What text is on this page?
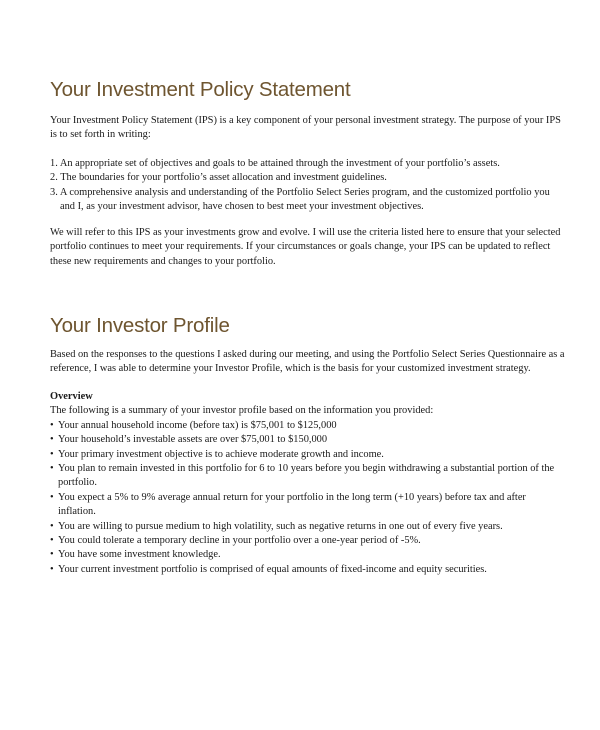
Your Investment Policy Statement

Your Investment Policy Statement (IPS) is a key component of your personal investment strategy. The purpose of your IPS is to set forth in writing:

1. An appropriate set of objectives and goals to be attained through the investment of your portfolio’s assets.
2. The boundaries for your portfolio’s asset allocation and investment guidelines.
3. A comprehensive analysis and understanding of the Portfolio Select Series program, and the customized portfolio you and I, as your investment advisor, have chosen to best meet your investment objectives.

We will refer to this IPS as your investments grow and evolve. I will use the criteria listed here to ensure that your selected portfolio continues to meet your requirements. If your circumstances or goals change, your IPS can be updated to reflect these new requirements and changes to your portfolio.

Your Investor Profile

Based on the responses to the questions I asked during our meeting, and using the Portfolio Select Series Questionnaire as a reference, I was able to determine your Investor Profile, which is the basis for your customized investment strategy.

Overview
The following is a summary of your investor profile based on the information you provided:
• Your annual household income (before tax) is $75,001 to $125,000
• Your household’s investable assets are over $75,001 to $150,000
• Your primary investment objective is to achieve moderate growth and income.
• You plan to remain invested in this portfolio for 6 to 10 years before you begin withdrawing a substantial portion of the portfolio.
• You expect a 5% to 9% average annual return for your portfolio in the long term (+10 years) before tax and after inflation.
• You are willing to pursue medium to high volatility, such as negative returns in one out of every five years.
• You could tolerate a temporary decline in your portfolio over a one-year period of -5%.
• You have some investment knowledge.
• Your current investment portfolio is comprised of equal amounts of fixed-income and equity securities.
